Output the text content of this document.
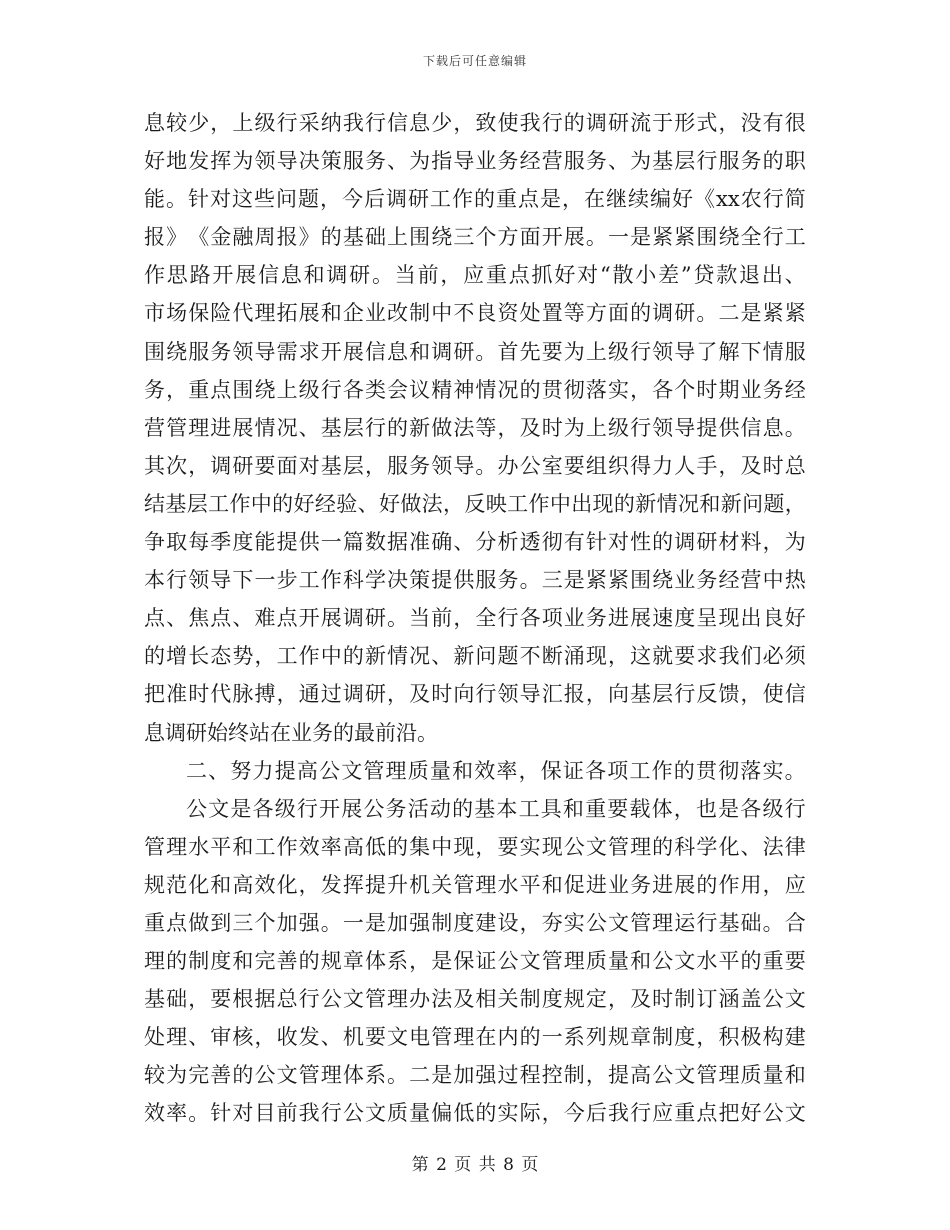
下载后可任意编辑
息 较 少 ， 上 级 行 采 纳 我 行 信 息 少 ， 致 使 我 行 的 调 研 流 于 形 式 ， 没 有 很
好 地 发 挥 为 领 导 决 策 服 务 、 为 指 导 业 务 经 营 服 务 、 为 基 层 行 服 务 的 职
能 。 针 对 这 些 问 题 ， 今 后 调 研 工 作 的 重 点 是 ， 在 继 续 编 好 《 xx 农 行 简
报 》 《 金 融 周 报 》 的 基 础 上 围 绕 三 个 方 面 开 展 。 一 是 紧 紧 围 绕 全 行 工
作 思 路 开 展 信 息 和 调 研 。 当 前 ， 应 重 点 抓 好 对 “ 散 小 差 ” 贷 款 退 出 、
市 场 保 险 代 理 拓 展 和 企 业 改 制 中 不 良 资 处 置 等 方 面 的 调 研 。 二 是 紧 紧
围 绕 服 务 领 导 需 求 开 展 信 息 和 调 研 。 首 先 要 为 上 级 行 领 导 了 解 下 情 服
务 ， 重 点 围 绕 上 级 行 各 类 会 议 精 神 情 况 的 贯 彻 落 实 ， 各 个 时 期 业 务 经
营 管 理 进 展 情 况 、 基 层 行 的 新 做 法 等 ， 及 时 为 上 级 行 领 导 提 供 信 息 。
其 次 ， 调 研 要 面 对 基 层 ， 服 务 领 导 。 办 公 室 要 组 织 得 力 人 手 ， 及 时 总
结 基 层 工 作 中 的 好 经 验 、 好 做 法 ， 反 映 工 作 中 出 现 的 新 情 况 和 新 问 题 ，
争 取 每 季 度 能 提 供 一 篇 数 据 准 确 、 分 析 透 彻 有 针 对 性 的 调 研 材 料 ， 为
本 行 领 导 下 一 步 工 作 科 学 决 策 提 供 服 务 。 三 是 紧 紧 围 绕 业 务 经 营 中 热
点 、 焦 点 、 难 点 开 展 调 研 。 当 前 ， 全 行 各 项 业 务 进 展 速 度 呈 现 出 良 好
的 增 长 态 势 ， 工 作 中 的 新 情 况 、 新 问 题 不 断 涌 现 ， 这 就 要 求 我 们 必 须
把 准 时 代 脉 搏 ， 通 过 调 研 ， 及 时 向 行 领 导 汇 报 ， 向 基 层 行 反 馈 ， 使 信
息调研始终站在业务的最前沿。
二 、 努 力 提 高 公 文 管 理 质 量 和 效 率 ， 保 证 各 项 工 作 的 贯 彻 落 实 。
公 文 是 各 级 行 开 展 公 务 活 动 的 基 本 工 具 和 重 要 载 体 ， 也 是 各 级 行
管 理 水 平 和 工 作 效 率 高 低 的 集 中 现 ， 要 实 现 公 文 管 理 的 科 学 化 、 法 律
规 范 化 和 高 效 化 ， 发 挥 提 升 机 关 管 理 水 平 和 促 进 业 务 进 展 的 作 用 ， 应
重 点 做 到 三 个 加 强 。 一 是 加 强 制 度 建 设 ， 夯 实 公 文 管 理 运 行 基 础 。 合
理 的 制 度 和 完 善 的 规 章 体 系 ， 是 保 证 公 文 管 理 质 量 和 公 文 水 平 的 重 要
基 础 ， 要 根 据 总 行 公 文 管 理 办 法 及 相 关 制 度 规 定 ， 及 时 制 订 涵 盖 公 文
处 理 、 审 核 ， 收 发 、 机 要 文 电 管 理 在 内 的 一 系 列 规 章 制 度 ， 积 极 构 建
较 为 完 善 的 公 文 管 理 体 系 。 二 是 加 强 过 程 控 制 ， 提 高 公 文 管 理 质 量 和
效 率 。 针 对 目 前 我 行 公 文 质 量 偏 低 的 实 际 ， 今 后 我 行 应 重 点 把 好 公 文
第 2 页 共 8 页
